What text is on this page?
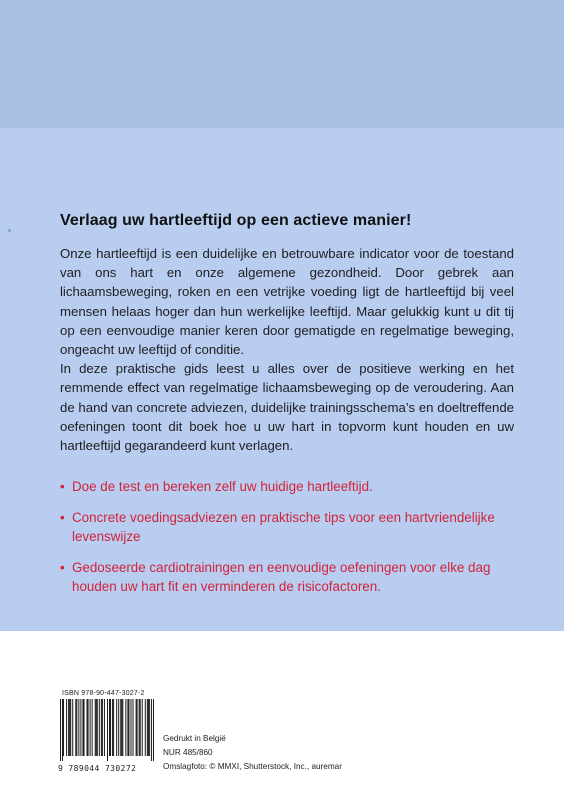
Verlaag uw hartleeftijd op een actieve manier!

Onze hartleeftijd is een duidelijke en betrouwbare indicator voor de toestand van ons hart en onze algemene gezondheid. Door gebrek aan lichaamsbeweging, roken en een vetrijke voeding ligt de hartleeftijd bij veel mensen helaas hoger dan hun werkelijke leeftijd. Maar gelukkig kunt u dit tij op een eenvoudige manier keren door gematigde en regelmatige beweging, ongeacht uw leeftijd of conditie.

In deze praktische gids leest u alles over de positieve werking en het remmende effect van regelmatige lichaamsbeweging op de veroudering. Aan de hand van concrete adviezen, duidelijke trainingsschema’s en doeltreffende oefeningen toont dit boek hoe u uw hart in topvorm kunt houden en uw hartleeftijd gegarandeerd kunt verlagen.

• Doe de test en bereken zelf uw huidige hartleeftijd.
• Concrete voedingsadviezen en praktische tips voor een hartvriendelijke levenswijze
• Gedoseerde cardiotrainingen en eenvoudige oefeningen voor elke dag houden uw hart fit en verminderen de risicofactoren.
ISBN 978-90-447-3027-2
9 789044 730272
Gedrukt in België
NUR 485/860
Omslagfoto: © MMXI, Shutterstock, Inc., auremar
